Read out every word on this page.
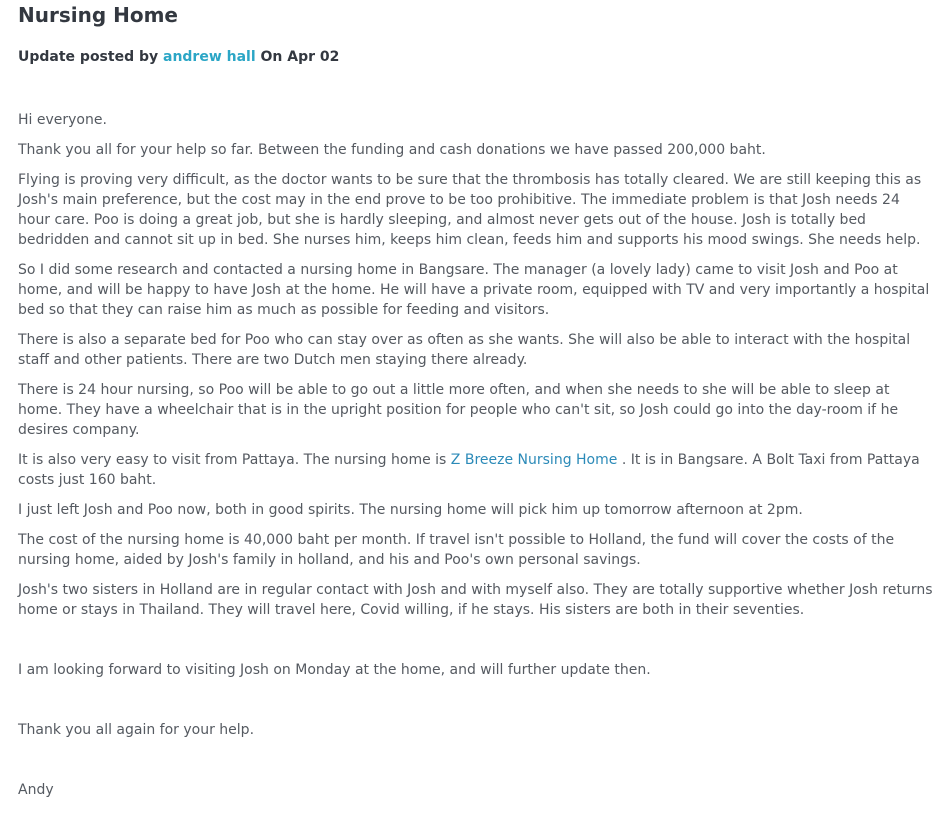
Nursing Home
Update posted by andrew hall On Apr 02

Hi everyone.

Thank you all for your help so far. Between the funding and cash donations we have passed 200,000 baht.

Flying is proving very difficult, as the doctor wants to be sure that the thrombosis has totally cleared. We are still keeping this as Josh's main preference, but the cost may in the end prove to be too prohibitive. The immediate problem is that Josh needs 24 hour care. Poo is doing a great job, but she is hardly sleeping, and almost never gets out of the house. Josh is totally bed bedridden and cannot sit up in bed. She nurses him, keeps him clean, feeds him and supports his mood swings. She needs help.

So I did some research and contacted a nursing home in Bangsare. The manager (a lovely lady) came to visit Josh and Poo at home, and will be happy to have Josh at the home. He will have a private room, equipped with TV and very importantly a hospital bed so that they can raise him as much as possible for feeding and visitors.

There is also a separate bed for Poo who can stay over as often as she wants. She will also be able to interact with the hospital staff and other patients. There are two Dutch men staying there already.

There is 24 hour nursing, so Poo will be able to go out a little more often, and when she needs to she will be able to sleep at home. They have a wheelchair that is in the upright position for people who can't sit, so Josh could go into the day-room if he desires company.

It is also very easy to visit from Pattaya. The nursing home is Z Breeze Nursing Home . It is in Bangsare. A Bolt Taxi from Pattaya costs just 160 baht.

I just left Josh and Poo now, both in good spirits. The nursing home will pick him up tomorrow afternoon at 2pm.

The cost of the nursing home is 40,000 baht per month. If travel isn't possible to Holland, the fund will cover the costs of the nursing home, aided by Josh's family in holland, and his and Poo's own personal savings.

Josh's two sisters in Holland are in regular contact with Josh and with myself also. They are totally supportive whether Josh returns home or stays in Thailand. They will travel here, Covid willing, if he stays. His sisters are both in their seventies.

I am looking forward to visiting Josh on Monday at the home, and will further update then.

Thank you all again for your help.

Andy
